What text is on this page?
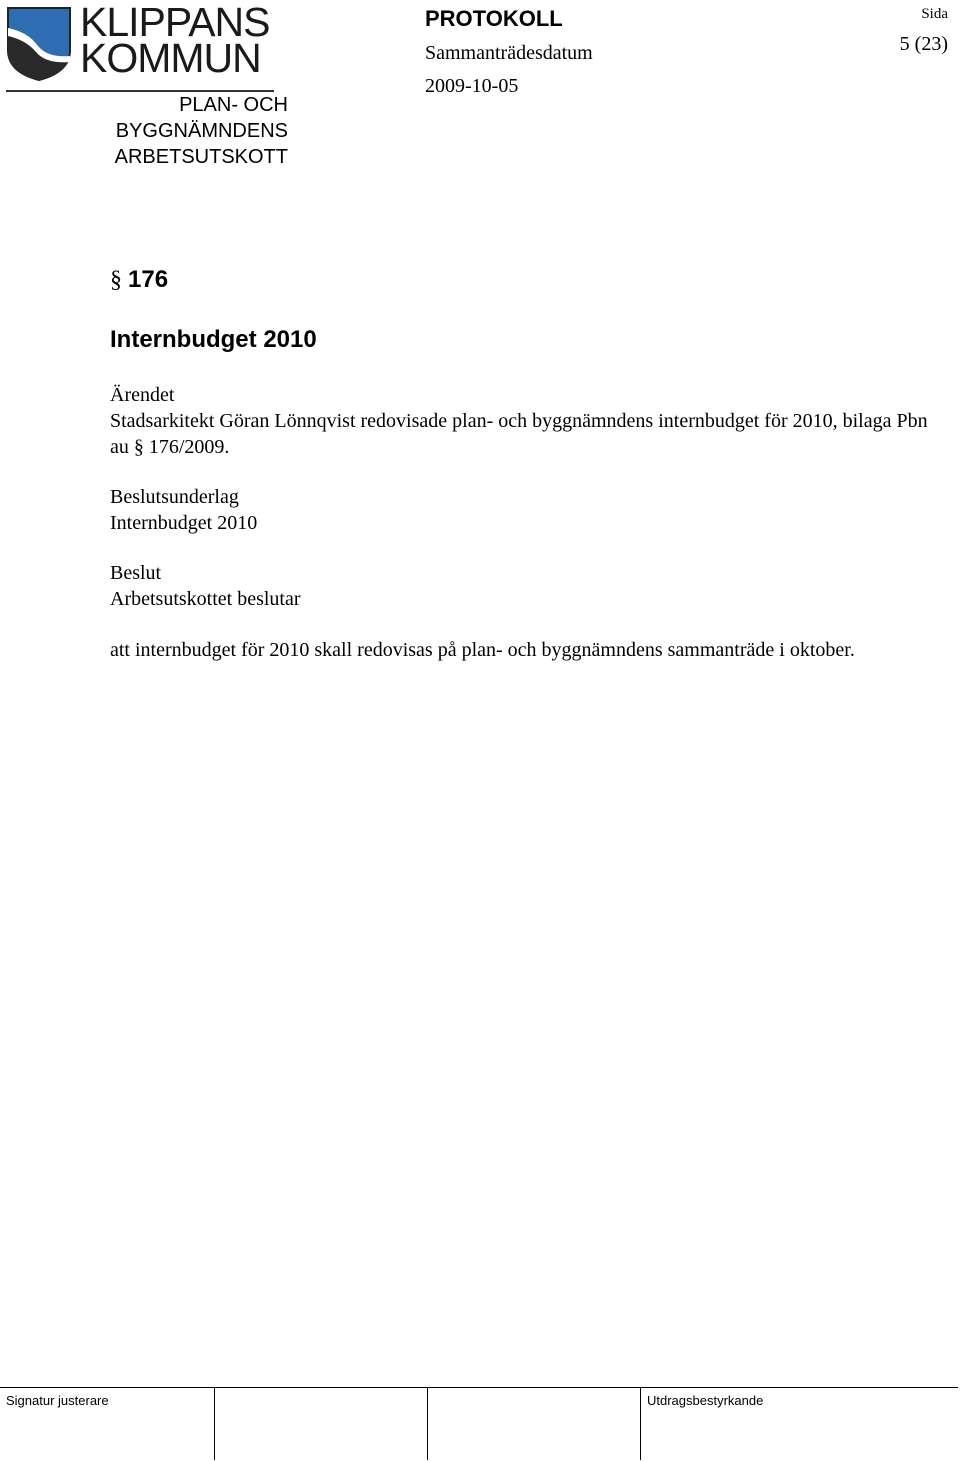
KLIPPANS
KOMMUN
PLAN- OCH
BYGGNÄMNDENS
ARBETSUTSKOTT
PROTOKOLL
Sammanträdesdatum
2009-10-05
Sida
5 (23)
§ 176
Internbudget 2010
Ärendet
Stadsarkitekt Göran Lönnqvist redovisade plan- och byggnämndens internbudget för 2010, bilaga Pbn au § 176/2009.
Beslutsunderlag
Internbudget 2010
Beslut
Arbetsutskottet beslutar
att internbudget för 2010 skall redovisas på plan- och byggnämndens sammanträde i oktober.
Signatur justerare	Utdragsbestyrkande
